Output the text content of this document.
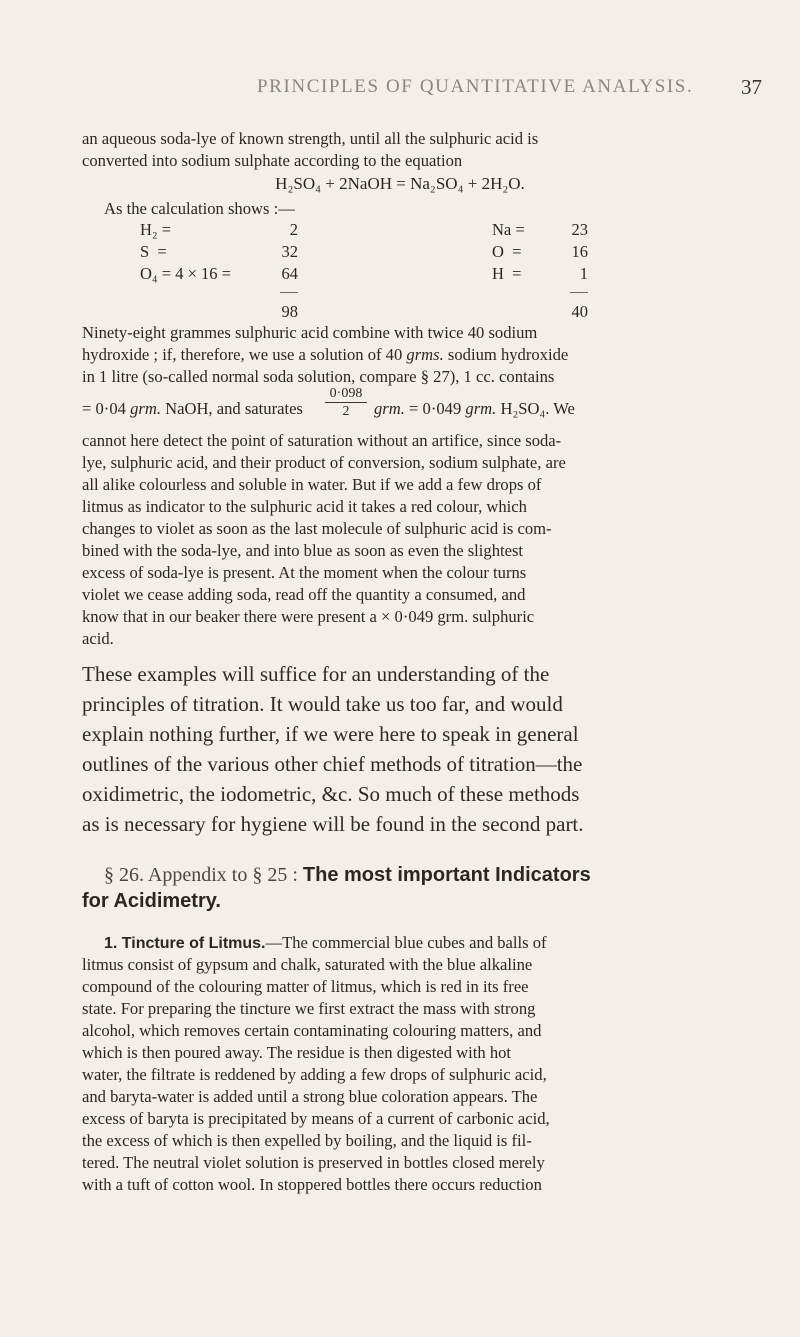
PRINCIPLES OF QUANTITATIVE ANALYSIS. 37

an aqueous soda-lye of known strength, until all the sulphuric acid is

converted into sodium sulphate according to the equation

H₂SO₄ + 2NaOH = Na₂SO₄ + 2H₂O.

As the calculation shows :—

H₂ =	2
S  =	32
O₄ = 4 × 16 =	64
98
Na =	23
O  =	16
H  =	1
40

Ninety-eight grammes sulphuric acid combine with twice 40 sodium

hydroxide ; if, therefore, we use a solution of 40 grms. sodium hydroxide

in 1 litre (so-called normal soda solution, compare § 27), 1 cc. contains

= 0·04 grm. NaOH, and saturates
0·098
2	grm. = 0·049 grm. H₂SO₄. We

cannot here detect the point of saturation without an artifice, since soda-

lye, sulphuric acid, and their product of conversion, sodium sulphate, are

all alike colourless and soluble in water. But if we add a few drops of

litmus as indicator to the sulphuric acid it takes a red colour, which

changes to violet as soon as the last molecule of sulphuric acid is com-

bined with the soda-lye, and into blue as soon as even the slightest

excess of soda-lye is present. At the moment when the colour turns

violet we cease adding soda, read off the quantity a consumed, and

know that in our beaker there were present a × 0·049 grm. sulphuric

acid.

These examples will suffice for an understanding of the

principles of titration. It would take us too far, and would

explain nothing further, if we were here to speak in general

outlines of the various other chief methods of titration—the

oxidimetric, the iodometric, &c. So much of these methods

as is necessary for hygiene will be found in the second part.

§ 26. Appendix to § 25 : The most important Indicators

for Acidimetry.

1. Tincture of Litmus.—The commercial blue cubes and balls of

litmus consist of gypsum and chalk, saturated with the blue alkaline

compound of the colouring matter of litmus, which is red in its free

state. For preparing the tincture we first extract the mass with strong

alcohol, which removes certain contaminating colouring matters, and

which is then poured away. The residue is then digested with hot

water, the filtrate is reddened by adding a few drops of sulphuric acid,

and baryta-water is added until a strong blue coloration appears. The

excess of baryta is precipitated by means of a current of carbonic acid,

the excess of which is then expelled by boiling, and the liquid is fil-

tered. The neutral violet solution is preserved in bottles closed merely

with a tuft of cotton wool. In stoppered bottles there occurs reduction
